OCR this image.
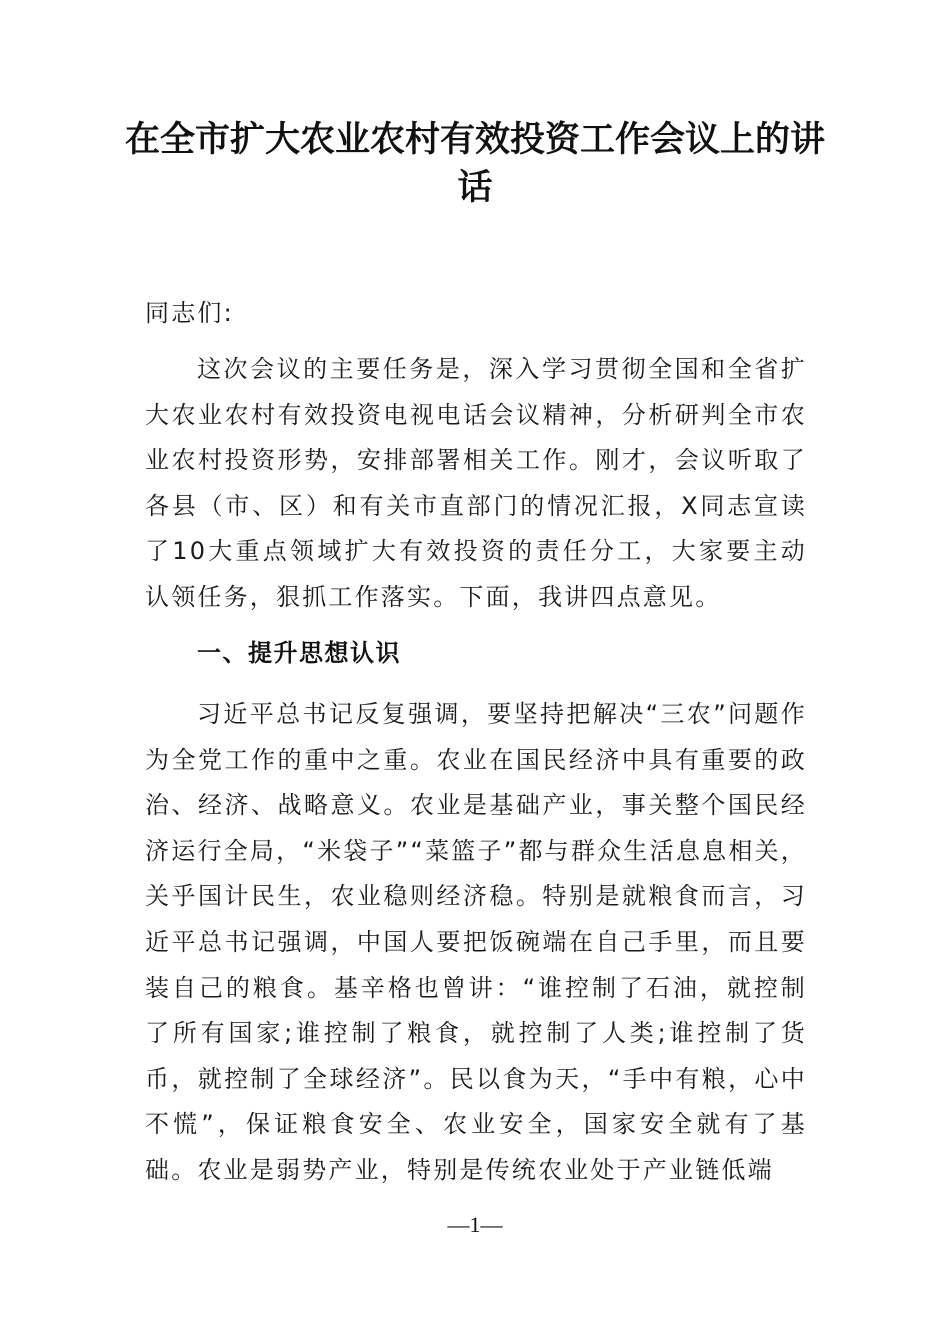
在全市扩大农业农村有效投资工作会议上的讲话

同志们:

这次会议的主要任务是，深入学习贯彻全国和全省扩大农业农村有效投资电视电话会议精神，分析研判全市农业农村投资形势，安排部署相关工作。刚才，会议听取了各县（市、区）和有关市直部门的情况汇报，X同志宣读了10大重点领域扩大有效投资的责任分工，大家要主动认领任务，狠抓工作落实。下面，我讲四点意见。

一、提升思想认识

习近平总书记反复强调，要坚持把解决“三农”问题作为全党工作的重中之重。农业在国民经济中具有重要的政治、经济、战略意义。农业是基础产业，事关整个国民经济运行全局，“米袋子”“菜篮子”都与群众生活息息相关，关乎国计民生，农业稳则经济稳。特别是就粮食而言，习近平总书记强调，中国人要把饭碗端在自己手里，而且要装自己的粮食。基辛格也曾讲：“谁控制了石油，就控制了所有国家;谁控制了粮食，就控制了人类;谁控制了货币，就控制了全球经济”。民以食为天，“手中有粮，心中不慌”，保证粮食安全、农业安全，国家安全就有了基础。农业是弱势产业，特别是传统农业处于产业链低端

—1—
